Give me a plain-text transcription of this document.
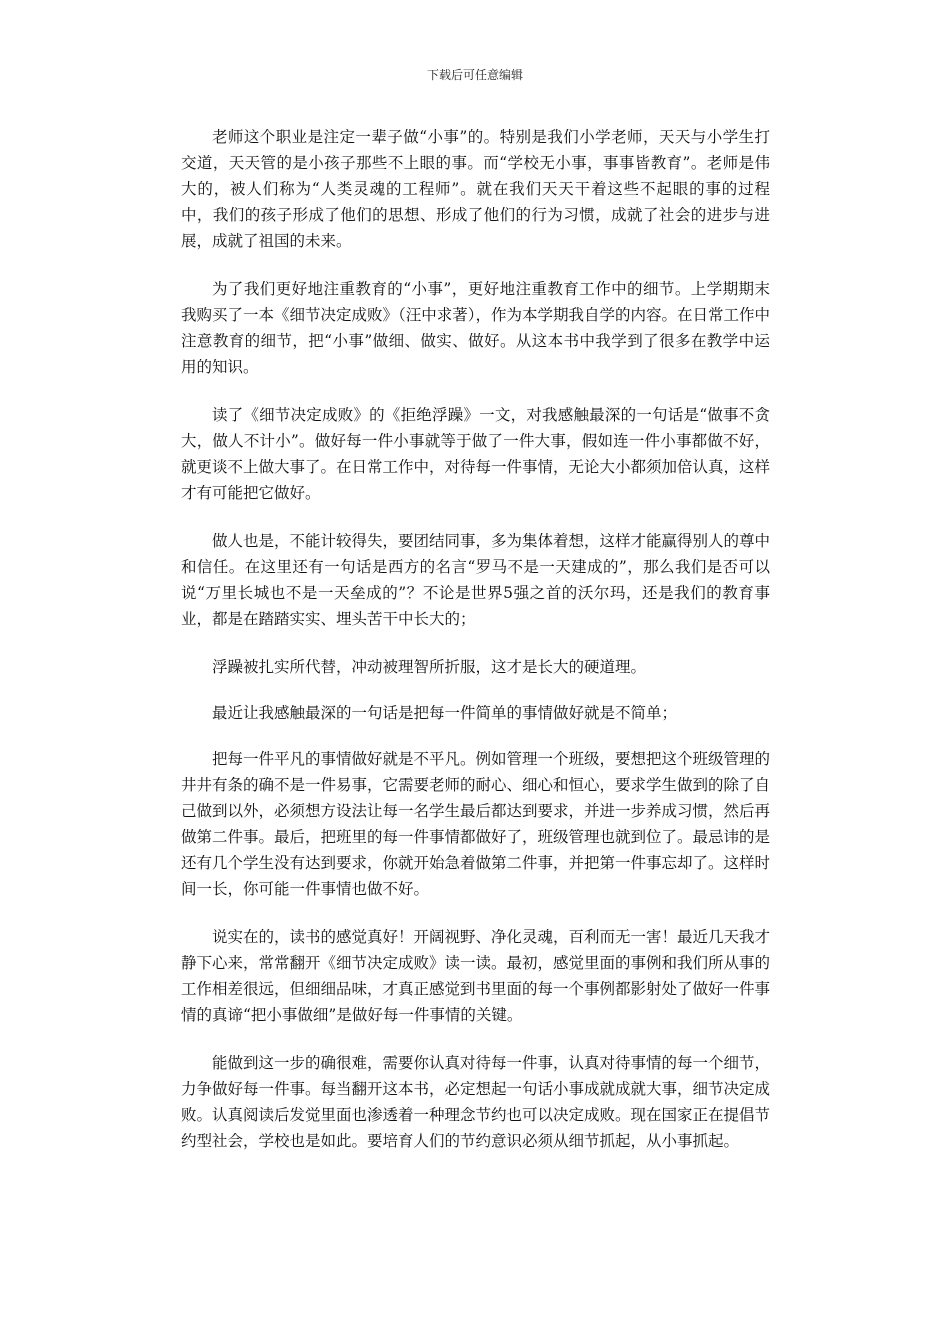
下载后可任意编辑

老师这个职业是注定一辈子做“小事”的。特别是我们小学老师，天天与小学生打交道，天天管的是小孩子那些不上眼的事。而“学校无小事，事事皆教育”。老师是伟大的，被人们称为“人类灵魂的工程师”。就在我们天天干着这些不起眼的事的过程中，我们的孩子形成了他们的思想、形成了他们的行为习惯，成就了社会的进步与进展，成就了祖国的未来。

为了我们更好地注重教育的“小事”，更好地注重教育工作中的细节。上学期期末我购买了一本《细节决定成败》（汪中求著），作为本学期我自学的内容。在日常工作中注意教育的细节，把“小事”做细、做实、做好。从这本书中我学到了很多在教学中运用的知识。

读了《细节决定成败》的《拒绝浮躁》一文，对我感触最深的一句话是“做事不贪大，做人不计小”。做好每一件小事就等于做了一件大事，假如连一件小事都做不好，就更谈不上做大事了。在日常工作中，对待每一件事情，无论大小都须加倍认真，这样才有可能把它做好。

做人也是，不能计较得失，要团结同事，多为集体着想，这样才能赢得别人的尊中和信任。在这里还有一句话是西方的名言“罗马不是一天建成的”，那么我们是否可以说“万里长城也不是一天垒成的”？不论是世界5强之首的沃尔玛，还是我们的教育事业，都是在踏踏实实、埋头苦干中长大的；

浮躁被扎实所代替，冲动被理智所折服，这才是长大的硬道理。

最近让我感触最深的一句话是把每一件简单的事情做好就是不简单；

把每一件平凡的事情做好就是不平凡。例如管理一个班级，要想把这个班级管理的井井有条的确不是一件易事，它需要老师的耐心、细心和恒心，要求学生做到的除了自己做到以外，必须想方设法让每一名学生最后都达到要求，并进一步养成习惯，然后再做第二件事。最后，把班里的每一件事情都做好了，班级管理也就到位了。最忌讳的是还有几个学生没有达到要求，你就开始急着做第二件事，并把第一件事忘却了。这样时间一长，你可能一件事情也做不好。

说实在的，读书的感觉真好！开阔视野、净化灵魂，百利而无一害！最近几天我才静下心来，常常翻开《细节决定成败》读一读。最初，感觉里面的事例和我们所从事的工作相差很远，但细细品味，才真正感觉到书里面的每一个事例都影射处了做好一件事情的真谛“把小事做细”是做好每一件事情的关键。

能做到这一步的确很难，需要你认真对待每一件事，认真对待事情的每一个细节，力争做好每一件事。每当翻开这本书，必定想起一句话小事成就成就大事，细节决定成败。认真阅读后发觉里面也渗透着一种理念节约也可以决定成败。现在国家正在提倡节约型社会，学校也是如此。要培育人们的节约意识必须从细节抓起，从小事抓起。
